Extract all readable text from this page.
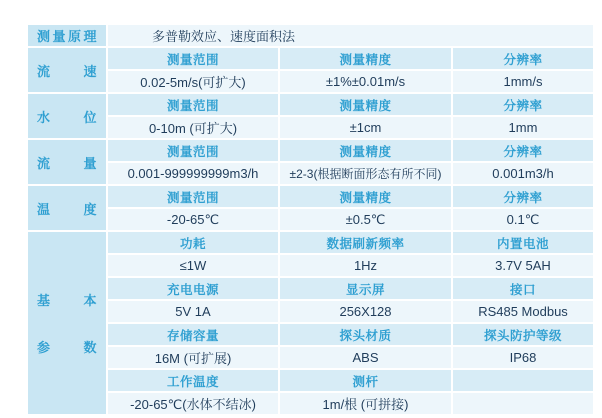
测 量 原 理	多普勒效应、速度面积法
流	速
测量范围	测量精度	分辨率
0.02-5m/s(可扩大)	±1%±0.01m/s	1mm/s
水	位
测量范围	测量精度	分辨率
0-10m (可扩大)	±1cm	1mm
流	量
测量范围	测量精度	分辨率
0.001-999999999m3/h	±2-3(根据断面形态有所不同)	0.001m3/h
温	度
测量范围	测量精度	分辨率
-20-65℃	±0.5℃	0.1℃
基	本
参	数
功耗	数据刷新频率	内置电池
≤1W	1Hz	3.7V 5AH
充电电源	显示屏	接口
5V 1A	256X128	RS485 Modbus
存储容量	探头材质	探头防护等级
16M (可扩展)	ABS	IP68
工作温度	测杆
-20-65℃(水体不结冰)	1m/根 (可拼接)
